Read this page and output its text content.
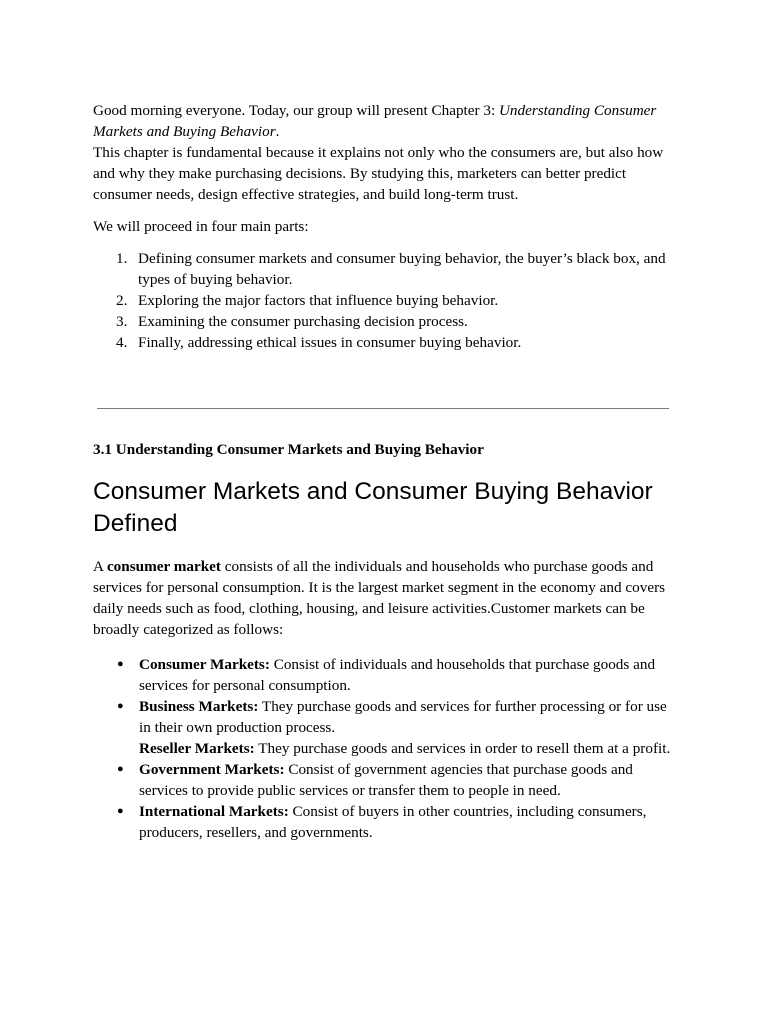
Good morning everyone. Today, our group will present Chapter 3: Understanding Consumer Markets and Buying Behavior.

This chapter is fundamental because it explains not only who the consumers are, but also how and why they make purchasing decisions. By studying this, marketers can better predict consumer needs, design effective strategies, and build long-term trust.

We will proceed in four main parts:

1. Defining consumer markets and consumer buying behavior, the buyer’s black box, and types of buying behavior.
2. Exploring the major factors that influence buying behavior.
3. Examining the consumer purchasing decision process.
4. Finally, addressing ethical issues in consumer buying behavior.
3.1 Understanding Consumer Markets and Buying Behavior
Consumer Markets and Consumer Buying Behavior Defined

A consumer market consists of all the individuals and households who purchase goods and services for personal consumption. It is the largest market segment in the economy and covers daily needs such as food, clothing, housing, and leisure activities.Customer markets can be broadly categorized as follows:

● Consumer Markets: Consist of individuals and households that purchase goods and services for personal consumption.
● Business Markets: They purchase goods and services for further processing or for use in their own production process.
Reseller Markets: They purchase goods and services in order to resell them at a profit.
● Government Markets: Consist of government agencies that purchase goods and services to provide public services or transfer them to people in need.
● International Markets: Consist of buyers in other countries, including consumers, producers, resellers, and governments.
